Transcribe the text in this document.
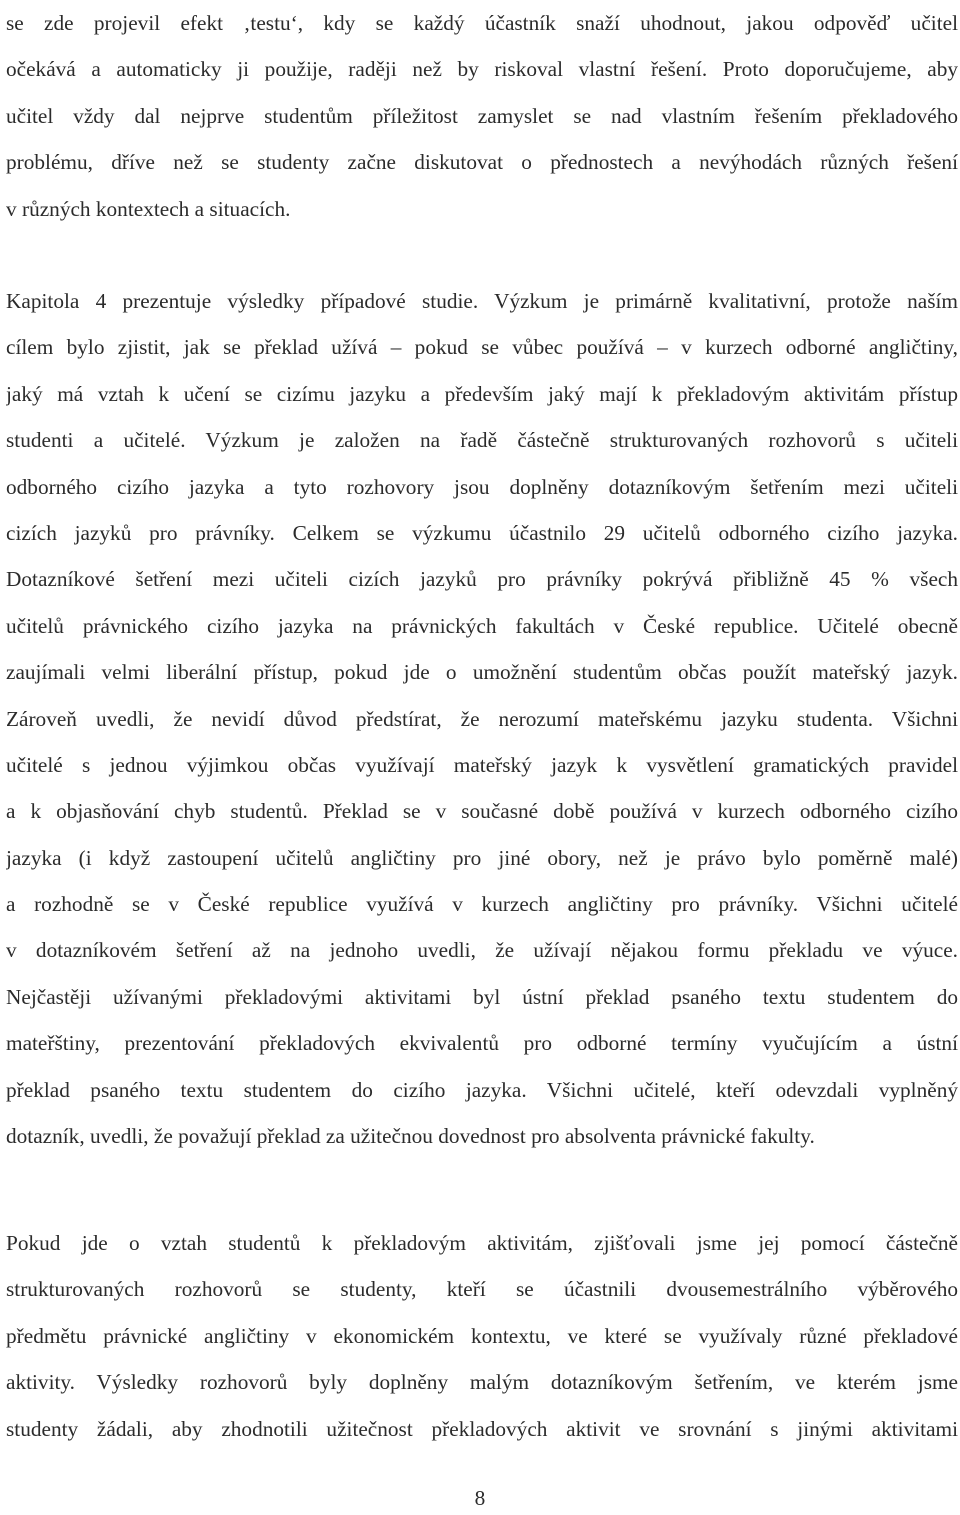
se zde projevil efekt ‚testu‘, kdy se každý účastník snaží uhodnout, jakou odpověď učitel
očekává a automaticky ji použije, raději než by riskoval vlastní řešení. Proto doporučujeme, aby
učitel vždy dal nejprve studentům příležitost zamyslet se nad vlastním řešením překladového
problému, dříve než se studenty začne diskutovat o přednostech a nevýhodách různých řešení
v různých kontextech a situacích.

Kapitola 4 prezentuje výsledky případové studie. Výzkum je primárně kvalitativní, protože naším
cílem bylo zjistit, jak se překlad užívá – pokud se vůbec používá – v kurzech odborné angličtiny,
jaký má vztah k učení se cizímu jazyku a především jaký mají k překladovým aktivitám přístup
studenti a učitelé. Výzkum je založen na řadě částečně strukturovaných rozhovorů s učiteli
odborného cizího jazyka a tyto rozhovory jsou doplněny dotazníkovým šetřením mezi učiteli
cizích jazyků pro právníky. Celkem se výzkumu účastnilo 29 učitelů odborného cizího jazyka.
Dotazníkové šetření mezi učiteli cizích jazyků pro právníky pokrývá přibližně 45 % všech
učitelů právnického cizího jazyka na právnických fakultách v České republice. Učitelé obecně
zaujímali velmi liberální přístup, pokud jde o umožnění studentům občas použít mateřský jazyk.
Zároveň uvedli, že nevidí důvod předstírat, že nerozumí mateřskému jazyku studenta. Všichni
učitelé s jednou výjimkou občas využívají mateřský jazyk k vysvětlení gramatických pravidel
a k objasňování chyb studentů. Překlad se v současné době používá v kurzech odborného cizího
jazyka (i když zastoupení učitelů angličtiny pro jiné obory, než je právo bylo poměrně malé)
a rozhodně se v České republice využívá v kurzech angličtiny pro právníky. Všichni učitelé
v dotazníkovém šetření až na jednoho uvedli, že užívají nějakou formu překladu ve výuce.
Nejčastěji užívanými překladovými aktivitami byl ústní překlad psaného textu studentem do
mateřštiny, prezentování překladových ekvivalentů pro odborné termíny vyučujícím a ústní
překlad psaného textu studentem do cizího jazyka. Všichni učitelé, kteří odevzdali vyplněný
dotazník, uvedli, že považují překlad za užitečnou dovednost pro absolventa právnické fakulty.

Pokud jde o vztah studentů k překladovým aktivitám, zjišťovali jsme jej pomocí částečně
strukturovaných rozhovorů se studenty, kteří se účastnili dvousemestrálního výběrového
předmětu právnické angličtiny v ekonomickém kontextu, ve které se využívaly různé překladové
aktivity. Výsledky rozhovorů byly doplněny malým dotazníkovým šetřením, ve kterém jsme
studenty žádali, aby zhodnotili užitečnost překladových aktivit ve srovnání s jinými aktivitami

8
